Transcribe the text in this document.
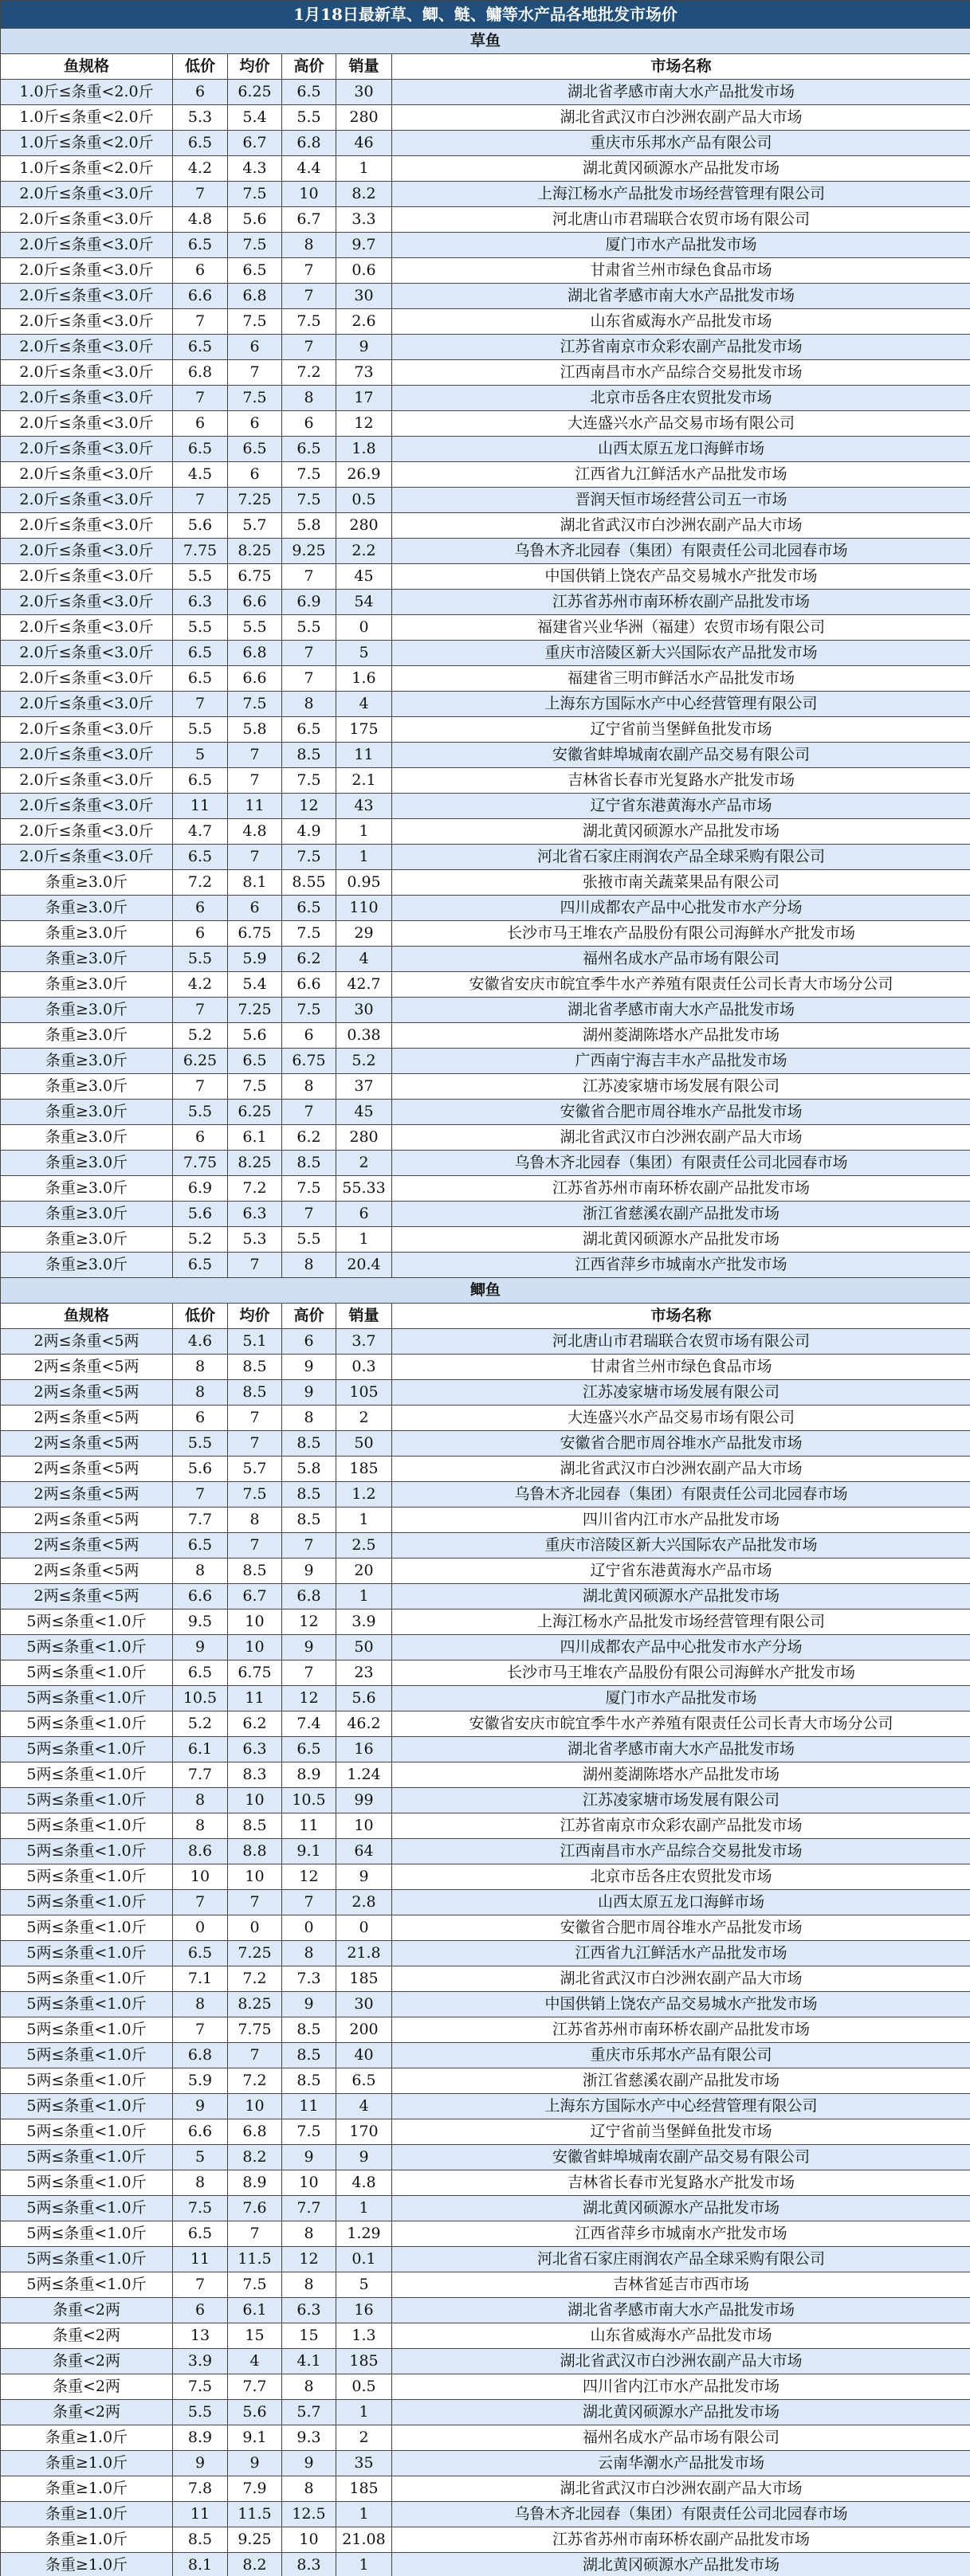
1月18日最新草、鲫、鲢、鳙等水产品各地批发市场价					
草鱼					
鱼规格	低价	均价	高价	销量	市场名称
1.0斤≤条重<2.0斤	6	6.25	6.5	30	湖北省孝感市南大水产品批发市场
1.0斤≤条重<2.0斤	5.3	5.4	5.5	280	湖北省武汉市白沙洲农副产品大市场
1.0斤≤条重<2.0斤	6.5	6.7	6.8	46	重庆市乐邦水产品有限公司
1.0斤≤条重<2.0斤	4.2	4.3	4.4	1	湖北黄冈硕源水产品批发市场
2.0斤≤条重<3.0斤	7	7.5	10	8.2	上海江杨水产品批发市场经营管理有限公司
2.0斤≤条重<3.0斤	4.8	5.6	6.7	3.3	河北唐山市君瑞联合农贸市场有限公司
2.0斤≤条重<3.0斤	6.5	7.5	8	9.7	厦门市水产品批发市场
2.0斤≤条重<3.0斤	6	6.5	7	0.6	甘肃省兰州市绿色食品市场
2.0斤≤条重<3.0斤	6.6	6.8	7	30	湖北省孝感市南大水产品批发市场
2.0斤≤条重<3.0斤	7	7.5	7.5	2.6	山东省威海水产品批发市场
2.0斤≤条重<3.0斤	6.5	6	7	9	江苏省南京市众彩农副产品批发市场
2.0斤≤条重<3.0斤	6.8	7	7.2	73	江西南昌市水产品综合交易批发市场
2.0斤≤条重<3.0斤	7	7.5	8	17	北京市岳各庄农贸批发市场
2.0斤≤条重<3.0斤	6	6	6	12	大连盛兴水产品交易市场有限公司
2.0斤≤条重<3.0斤	6.5	6.5	6.5	1.8	山西太原五龙口海鲜市场
2.0斤≤条重<3.0斤	4.5	6	7.5	26.9	江西省九江鲜活水产品批发市场
2.0斤≤条重<3.0斤	7	7.25	7.5	0.5	晋润天恒市场经营公司五一市场
2.0斤≤条重<3.0斤	5.6	5.7	5.8	280	湖北省武汉市白沙洲农副产品大市场
2.0斤≤条重<3.0斤	7.75	8.25	9.25	2.2	乌鲁木齐北园春（集团）有限责任公司北园春市场
2.0斤≤条重<3.0斤	5.5	6.75	7	45	中国供销上饶农产品交易城水产批发市场
2.0斤≤条重<3.0斤	6.3	6.6	6.9	54	江苏省苏州市南环桥农副产品批发市场
2.0斤≤条重<3.0斤	5.5	5.5	5.5	0	福建省兴业华洲（福建）农贸市场有限公司
2.0斤≤条重<3.0斤	6.5	6.8	7	5	重庆市涪陵区新大兴国际农产品批发市场
2.0斤≤条重<3.0斤	6.5	6.6	7	1.6	福建省三明市鲜活水产品批发市场
2.0斤≤条重<3.0斤	7	7.5	8	4	上海东方国际水产中心经营管理有限公司
2.0斤≤条重<3.0斤	5.5	5.8	6.5	175	辽宁省前当堡鲜鱼批发市场
2.0斤≤条重<3.0斤	5	7	8.5	11	安徽省蚌埠城南农副产品交易有限公司
2.0斤≤条重<3.0斤	6.5	7	7.5	2.1	吉林省长春市光复路水产批发市场
2.0斤≤条重<3.0斤	11	11	12	43	辽宁省东港黄海水产品市场
2.0斤≤条重<3.0斤	4.7	4.8	4.9	1	湖北黄冈硕源水产品批发市场
2.0斤≤条重<3.0斤	6.5	7	7.5	1	河北省石家庄雨润农产品全球采购有限公司
条重≥3.0斤	7.2	8.1	8.55	0.95	张掖市南关蔬菜果品有限公司
条重≥3.0斤	6	6	6.5	110	四川成都农产品中心批发市水产分场
条重≥3.0斤	6	6.75	7.5	29	长沙市马王堆农产品股份有限公司海鲜水产批发市场
条重≥3.0斤	5.5	5.9	6.2	4	福州名成水产品市场有限公司
条重≥3.0斤	4.2	5.4	6.6	42.7	安徽省安庆市皖宜季牛水产养殖有限责任公司长青大市场分公司
条重≥3.0斤	7	7.25	7.5	30	湖北省孝感市南大水产品批发市场
条重≥3.0斤	5.2	5.6	6	0.38	湖州菱湖陈塔水产品批发市场
条重≥3.0斤	6.25	6.5	6.75	5.2	广西南宁海吉丰水产品批发市场
条重≥3.0斤	7	7.5	8	37	江苏凌家塘市场发展有限公司
条重≥3.0斤	5.5	6.25	7	45	安徽省合肥市周谷堆水产品批发市场
条重≥3.0斤	6	6.1	6.2	280	湖北省武汉市白沙洲农副产品大市场
条重≥3.0斤	7.75	8.25	8.5	2	乌鲁木齐北园春（集团）有限责任公司北园春市场
条重≥3.0斤	6.9	7.2	7.5	55.33	江苏省苏州市南环桥农副产品批发市场
条重≥3.0斤	5.6	6.3	7	6	浙江省慈溪农副产品批发市场
条重≥3.0斤	5.2	5.3	5.5	1	湖北黄冈硕源水产品批发市场
条重≥3.0斤	6.5	7	8	20.4	江西省萍乡市城南水产批发市场
鲫鱼					
鱼规格	低价	均价	高价	销量	市场名称
2两≤条重<5两	4.6	5.1	6	3.7	河北唐山市君瑞联合农贸市场有限公司
2两≤条重<5两	8	8.5	9	0.3	甘肃省兰州市绿色食品市场
2两≤条重<5两	8	8.5	9	105	江苏凌家塘市场发展有限公司
2两≤条重<5两	6	7	8	2	大连盛兴水产品交易市场有限公司
2两≤条重<5两	5.5	7	8.5	50	安徽省合肥市周谷堆水产品批发市场
2两≤条重<5两	5.6	5.7	5.8	185	湖北省武汉市白沙洲农副产品大市场
2两≤条重<5两	7	7.5	8.5	1.2	乌鲁木齐北园春（集团）有限责任公司北园春市场
2两≤条重<5两	7.7	8	8.5	1	四川省内江市水产品批发市场
2两≤条重<5两	6.5	7	7	2.5	重庆市涪陵区新大兴国际农产品批发市场
2两≤条重<5两	8	8.5	9	20	辽宁省东港黄海水产品市场
2两≤条重<5两	6.6	6.7	6.8	1	湖北黄冈硕源水产品批发市场
5两≤条重<1.0斤	9.5	10	12	3.9	上海江杨水产品批发市场经营管理有限公司
5两≤条重<1.0斤	9	10	9	50	四川成都农产品中心批发市水产分场
5两≤条重<1.0斤	6.5	6.75	7	23	长沙市马王堆农产品股份有限公司海鲜水产批发市场
5两≤条重<1.0斤	10.5	11	12	5.6	厦门市水产品批发市场
5两≤条重<1.0斤	5.2	6.2	7.4	46.2	安徽省安庆市皖宜季牛水产养殖有限责任公司长青大市场分公司
5两≤条重<1.0斤	6.1	6.3	6.5	16	湖北省孝感市南大水产品批发市场
5两≤条重<1.0斤	7.7	8.3	8.9	1.24	湖州菱湖陈塔水产品批发市场
5两≤条重<1.0斤	8	10	10.5	99	江苏凌家塘市场发展有限公司
5两≤条重<1.0斤	8	8.5	11	10	江苏省南京市众彩农副产品批发市场
5两≤条重<1.0斤	8.6	8.8	9.1	64	江西南昌市水产品综合交易批发市场
5两≤条重<1.0斤	10	10	12	9	北京市岳各庄农贸批发市场
5两≤条重<1.0斤	7	7	7	2.8	山西太原五龙口海鲜市场
5两≤条重<1.0斤	0	0	0	0	安徽省合肥市周谷堆水产品批发市场
5两≤条重<1.0斤	6.5	7.25	8	21.8	江西省九江鲜活水产品批发市场
5两≤条重<1.0斤	7.1	7.2	7.3	185	湖北省武汉市白沙洲农副产品大市场
5两≤条重<1.0斤	8	8.25	9	30	中国供销上饶农产品交易城水产批发市场
5两≤条重<1.0斤	7	7.75	8.5	200	江苏省苏州市南环桥农副产品批发市场
5两≤条重<1.0斤	6.8	7	8.5	40	重庆市乐邦水产品有限公司
5两≤条重<1.0斤	5.9	7.2	8.5	6.5	浙江省慈溪农副产品批发市场
5两≤条重<1.0斤	9	10	11	4	上海东方国际水产中心经营管理有限公司
5两≤条重<1.0斤	6.6	6.8	7.5	170	辽宁省前当堡鲜鱼批发市场
5两≤条重<1.0斤	5	8.2	9	9	安徽省蚌埠城南农副产品交易有限公司
5两≤条重<1.0斤	8	8.9	10	4.8	吉林省长春市光复路水产批发市场
5两≤条重<1.0斤	7.5	7.6	7.7	1	湖北黄冈硕源水产品批发市场
5两≤条重<1.0斤	6.5	7	8	1.29	江西省萍乡市城南水产批发市场
5两≤条重<1.0斤	11	11.5	12	0.1	河北省石家庄雨润农产品全球采购有限公司
5两≤条重<1.0斤	7	7.5	8	5	吉林省延吉市西市场
条重<2两	6	6.1	6.3	16	湖北省孝感市南大水产品批发市场
条重<2两	13	15	15	1.3	山东省威海水产品批发市场
条重<2两	3.9	4	4.1	185	湖北省武汉市白沙洲农副产品大市场
条重<2两	7.5	7.7	8	0.5	四川省内江市水产品批发市场
条重<2两	5.5	5.6	5.7	1	湖北黄冈硕源水产品批发市场
条重≥1.0斤	8.9	9.1	9.3	2	福州名成水产品市场有限公司
条重≥1.0斤	9	9	9	35	云南华潮水产品批发市场
条重≥1.0斤	7.8	7.9	8	185	湖北省武汉市白沙洲农副产品大市场
条重≥1.0斤	11	11.5	12.5	1	乌鲁木齐北园春（集团）有限责任公司北园春市场
条重≥1.0斤	8.5	9.25	10	21.08	江苏省苏州市南环桥农副产品批发市场
条重≥1.0斤	8.1	8.2	8.3	1	湖北黄冈硕源水产品批发市场
